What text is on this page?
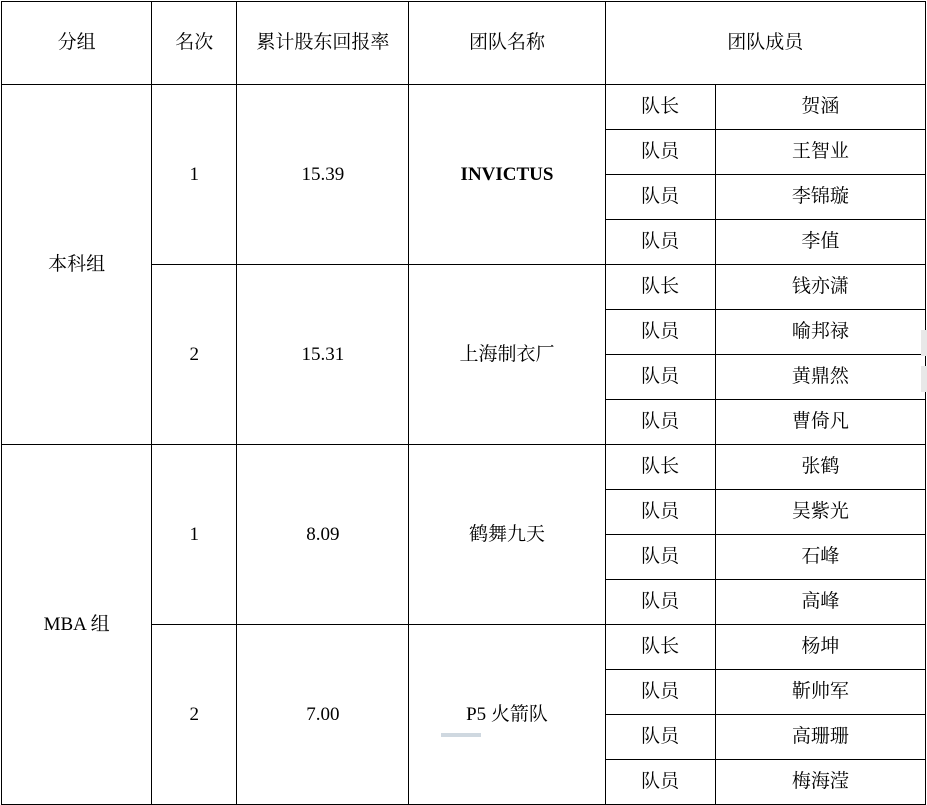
分组	名次	累计股东回报率	团队名称	团队成员	
本科组	1	15.39	INVICTUS	队长	贺涵
				队员	王智业
				队员	李锦璇
				队员	李值
	2	15.31	上海制衣厂	队长	钱亦潇
				队员	喻邦禄
				队员	黄鼎然
				队员	曹倚凡
MBA 组	1	8.09	鹤舞九天	队长	张鹤
				队员	吴紫光
				队员	石峰
				队员	高峰
	2	7.00	P5 火箭队	队长	杨坤
				队员	靳帅军
				队员	高珊珊
				队员	梅海滢
